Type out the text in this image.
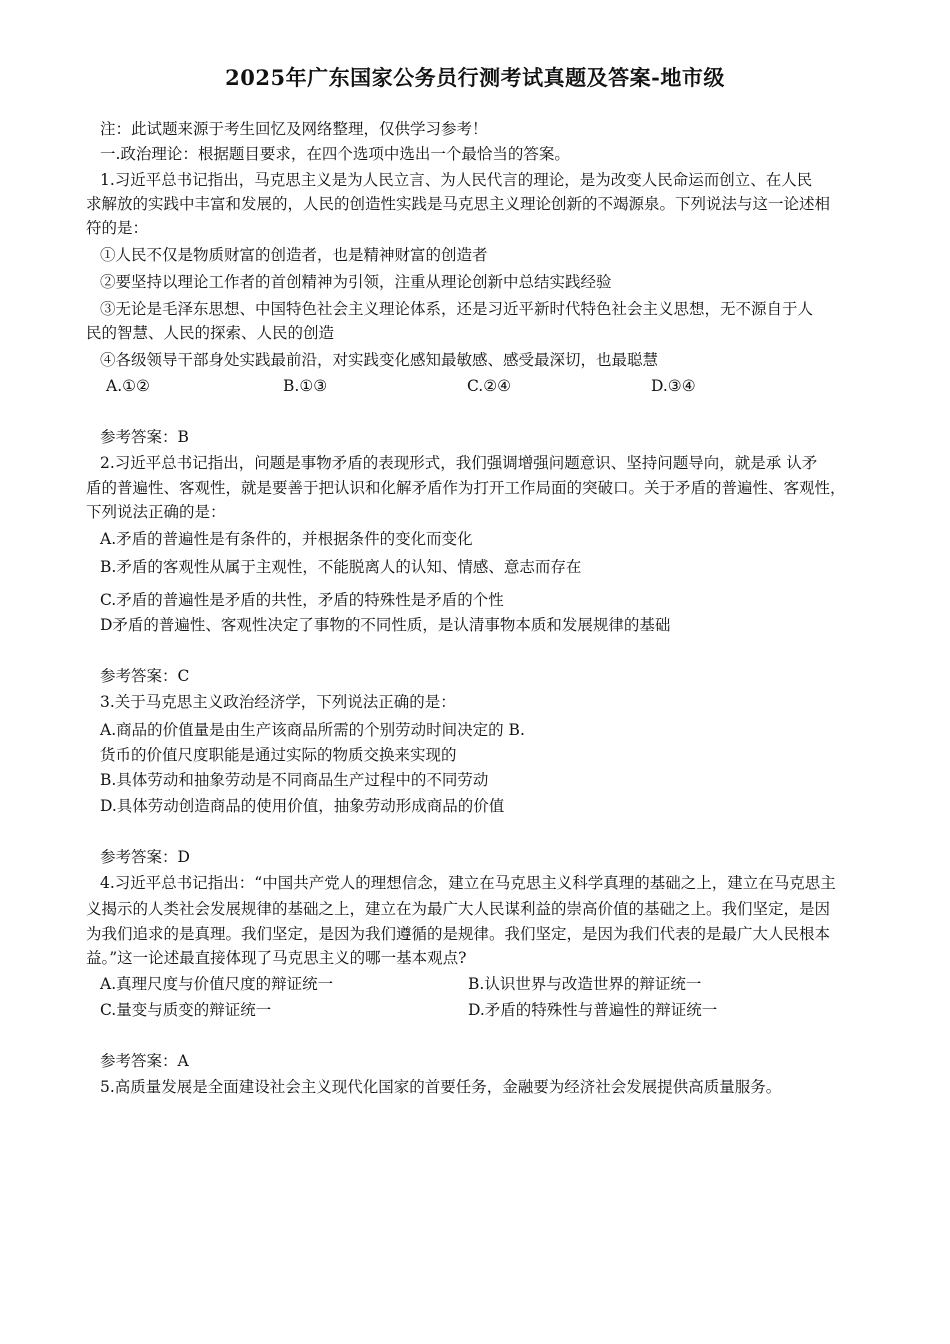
2025年广东国家公务员行测考试真题及答案-地市级
注：此试题来源于考生回忆及网络整理，仅供学习参考！
一.政治理论：根据题目要求，在四个选项中选出一个最恰当的答案。
1.习近平总书记指出，马克思主义是为人民立言、为人民代言的理论，是为改变人民命运而创立、在人民
求解放的实践中丰富和发展的，人民的创造性实践是马克思主义理论创新的不竭源泉。下列说法与这一论述相
符的是：
①人民不仅是物质财富的创造者，也是精神财富的创造者
②要坚持以理论工作者的首创精神为引领，注重从理论创新中总结实践经验
③无论是毛泽东思想、中国特色社会主义理论体系，还是习近平新时代特色社会主义思想，无不源自于人
民的智慧、人民的探索、人民的创造
④各级领导干部身处实践最前沿，对实践变化感知最敏感、感受最深切，也最聪慧
A.①②	B.①③	C.②④	D.③④
参考答案：B
2.习近平总书记指出，问题是事物矛盾的表现形式，我们强调增强问题意识、坚持问题导向，就是承 认矛
盾的普遍性、客观性，就是要善于把认识和化解矛盾作为打开工作局面的突破口。关于矛盾的普遍性、客观性，
下列说法正确的是：
A.矛盾的普遍性是有条件的，并根据条件的变化而变化
B.矛盾的客观性从属于主观性，不能脱离人的认知、情感、意志而存在
C.矛盾的普遍性是矛盾的共性，矛盾的特殊性是矛盾的个性
D矛盾的普遍性、客观性决定了事物的不同性质，是认清事物本质和发展规律的基础
参考答案：C
3.关于马克思主义政治经济学，下列说法正确的是：
A.商品的价值量是由生产该商品所需的个别劳动时间决定的 B.
货币的价值尺度职能是通过实际的物质交换来实现的
B.具体劳动和抽象劳动是不同商品生产过程中的不同劳动
D.具体劳动创造商品的使用价值，抽象劳动形成商品的价值
参考答案：D
4.习近平总书记指出：“中国共产党人的理想信念，建立在马克思主义科学真理的基础之上，建立在马克思主
义揭示的人类社会发展规律的基础之上，建立在为最广大人民谋利益的崇高价值的基础之上。我们坚定，是因
为我们追求的是真理。我们坚定，是因为我们遵循的是规律。我们坚定，是因为我们代表的是最广大人民根本
益。”这一论述最直接体现了马克思主义的哪一基本观点?
A.真理尺度与价值尺度的辩证统一	B.认识世界与改造世界的辩证统一
C.量变与质变的辩证统一	D.矛盾的特殊性与普遍性的辩证统一
参考答案：A
5.高质量发展是全面建设社会主义现代化国家的首要任务，金融要为经济社会发展提供高质量服务。
